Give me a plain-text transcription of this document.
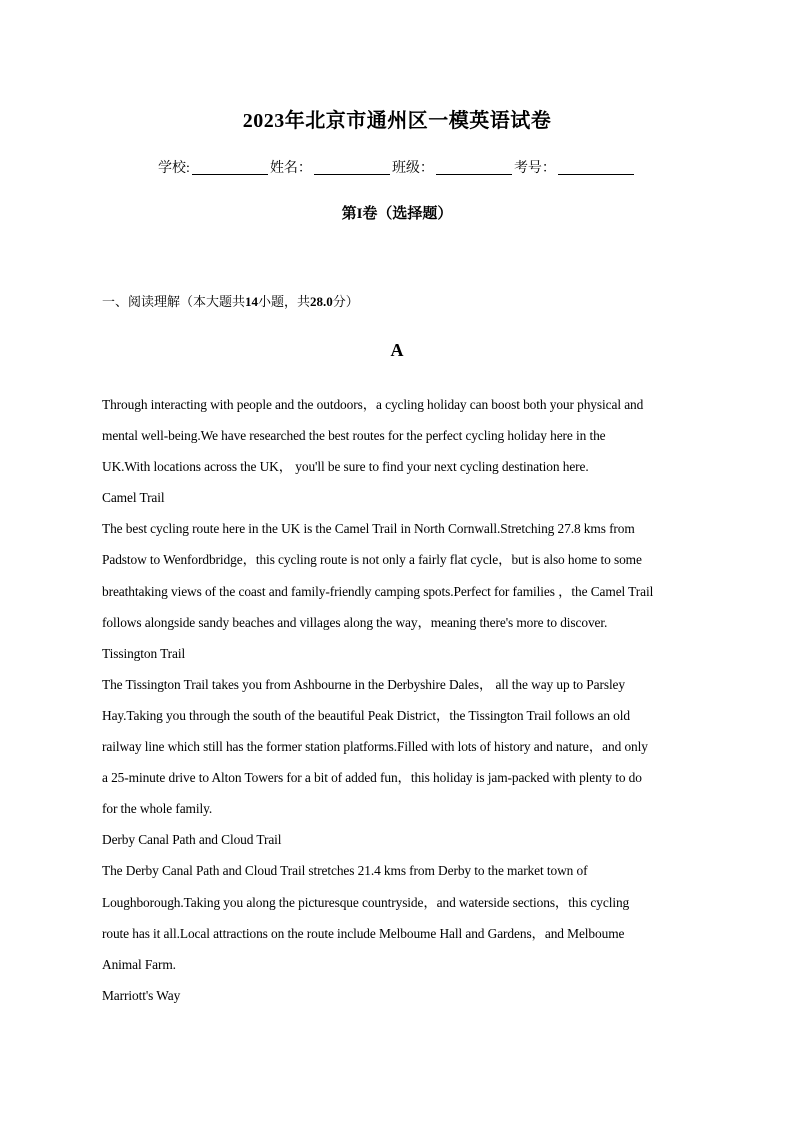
2023年北京市通州区一模英语试卷
学校:	姓名：	班级：	考号：
第I卷（选择题）
一、阅读理解（本大题共14小题，共28.0分）
A
Through interacting with people and the outdoors，a cycling holiday can boost both your physical and
mental well-being.We have researched the best routes for the perfect cycling holiday here in the
UK.With locations across the UK， you'll be sure to find your next cycling destination here.
Camel Trail
The best cycling route here in the UK is the Camel Trail in North Cornwall.Stretching 27.8 kms from
Padstow to Wenfordbridge，this cycling route is not only a fairly flat cycle，but is also home to some
breathtaking views of the coast and family-friendly camping spots.Perfect for families ，the Camel Trail
follows alongside sandy beaches and villages along the way，meaning there's more to discover.
Tissington Trail
The Tissington Trail takes you from Ashbourne in the Derbyshire Dales， all the way up to Parsley
Hay.Taking you through the south of the beautiful Peak District，the Tissington Trail follows an old
railway line which still has the former station platforms.Filled with lots of history and nature，and only
a 25-minute drive to Alton Towers for a bit of added fun，this holiday is jam-packed with plenty to do
for the whole family.
Derby Canal Path and Cloud Trail
The Derby Canal Path and Cloud Trail stretches 21.4 kms from Derby to the market town of
Loughborough.Taking you along the picturesque countryside，and waterside sections，this cycling
route has it all.Local attractions on the route include Melboume Hall and Gardens，and Melboume
Animal Farm.
Marriott's Way
